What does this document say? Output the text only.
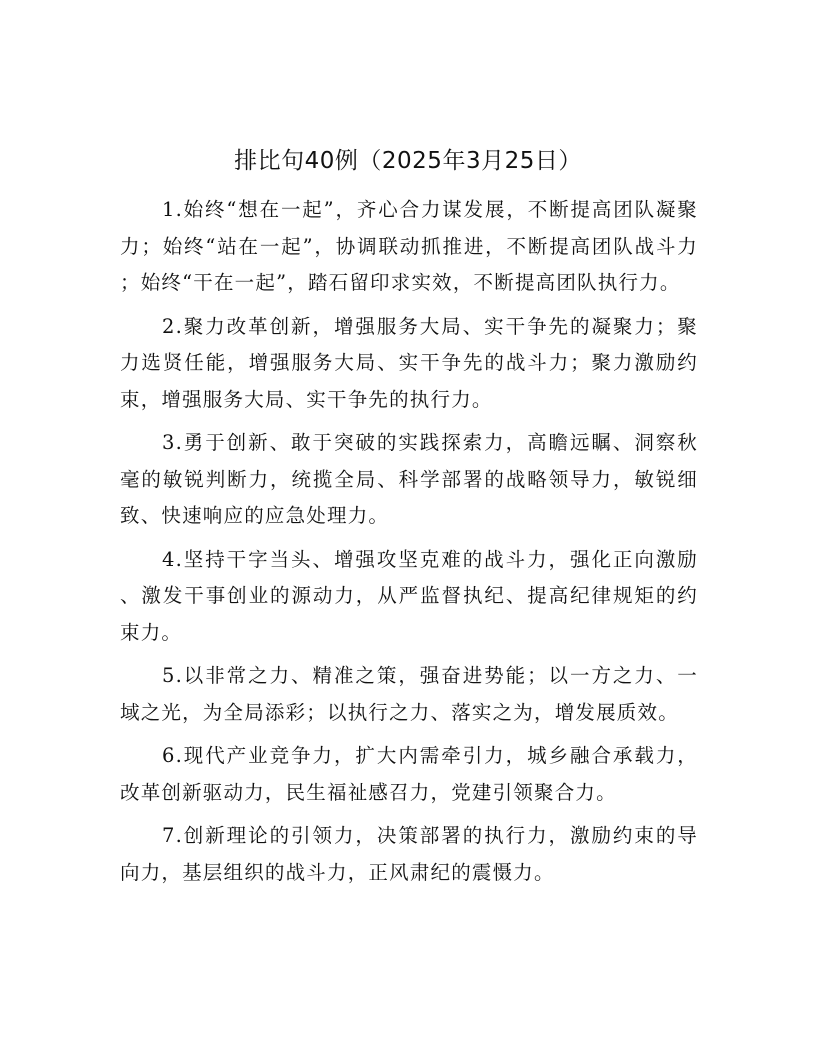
排比句40例（2025年3月25日）

1.始终“想在一起”，齐心合力谋发展，不断提高团队凝聚力；始终“站在一起”，协调联动抓推进，不断提高团队战斗力；始终“干在一起”，踏石留印求实效，不断提高团队执行力。

2.聚力改革创新，增强服务大局、实干争先的凝聚力；聚力选贤任能，增强服务大局、实干争先的战斗力；聚力激励约束，增强服务大局、实干争先的执行力。

3.勇于创新、敢于突破的实践探索力，高瞻远瞩、洞察秋毫的敏锐判断力，统揽全局、科学部署的战略领导力，敏锐细致、快速响应的应急处理力。

4.坚持干字当头、增强攻坚克难的战斗力，强化正向激励、激发干事创业的源动力，从严监督执纪、提高纪律规矩的约束力。

5.以非常之力、精准之策，强奋进势能；以一方之力、一域之光，为全局添彩；以执行之力、落实之为，增发展质效。

6.现代产业竞争力，扩大内需牵引力，城乡融合承载力，改革创新驱动力，民生福祉感召力，党建引领聚合力。

7.创新理论的引领力，决策部署的执行力，激励约束的导向力，基层组织的战斗力，正风肃纪的震慑力。
